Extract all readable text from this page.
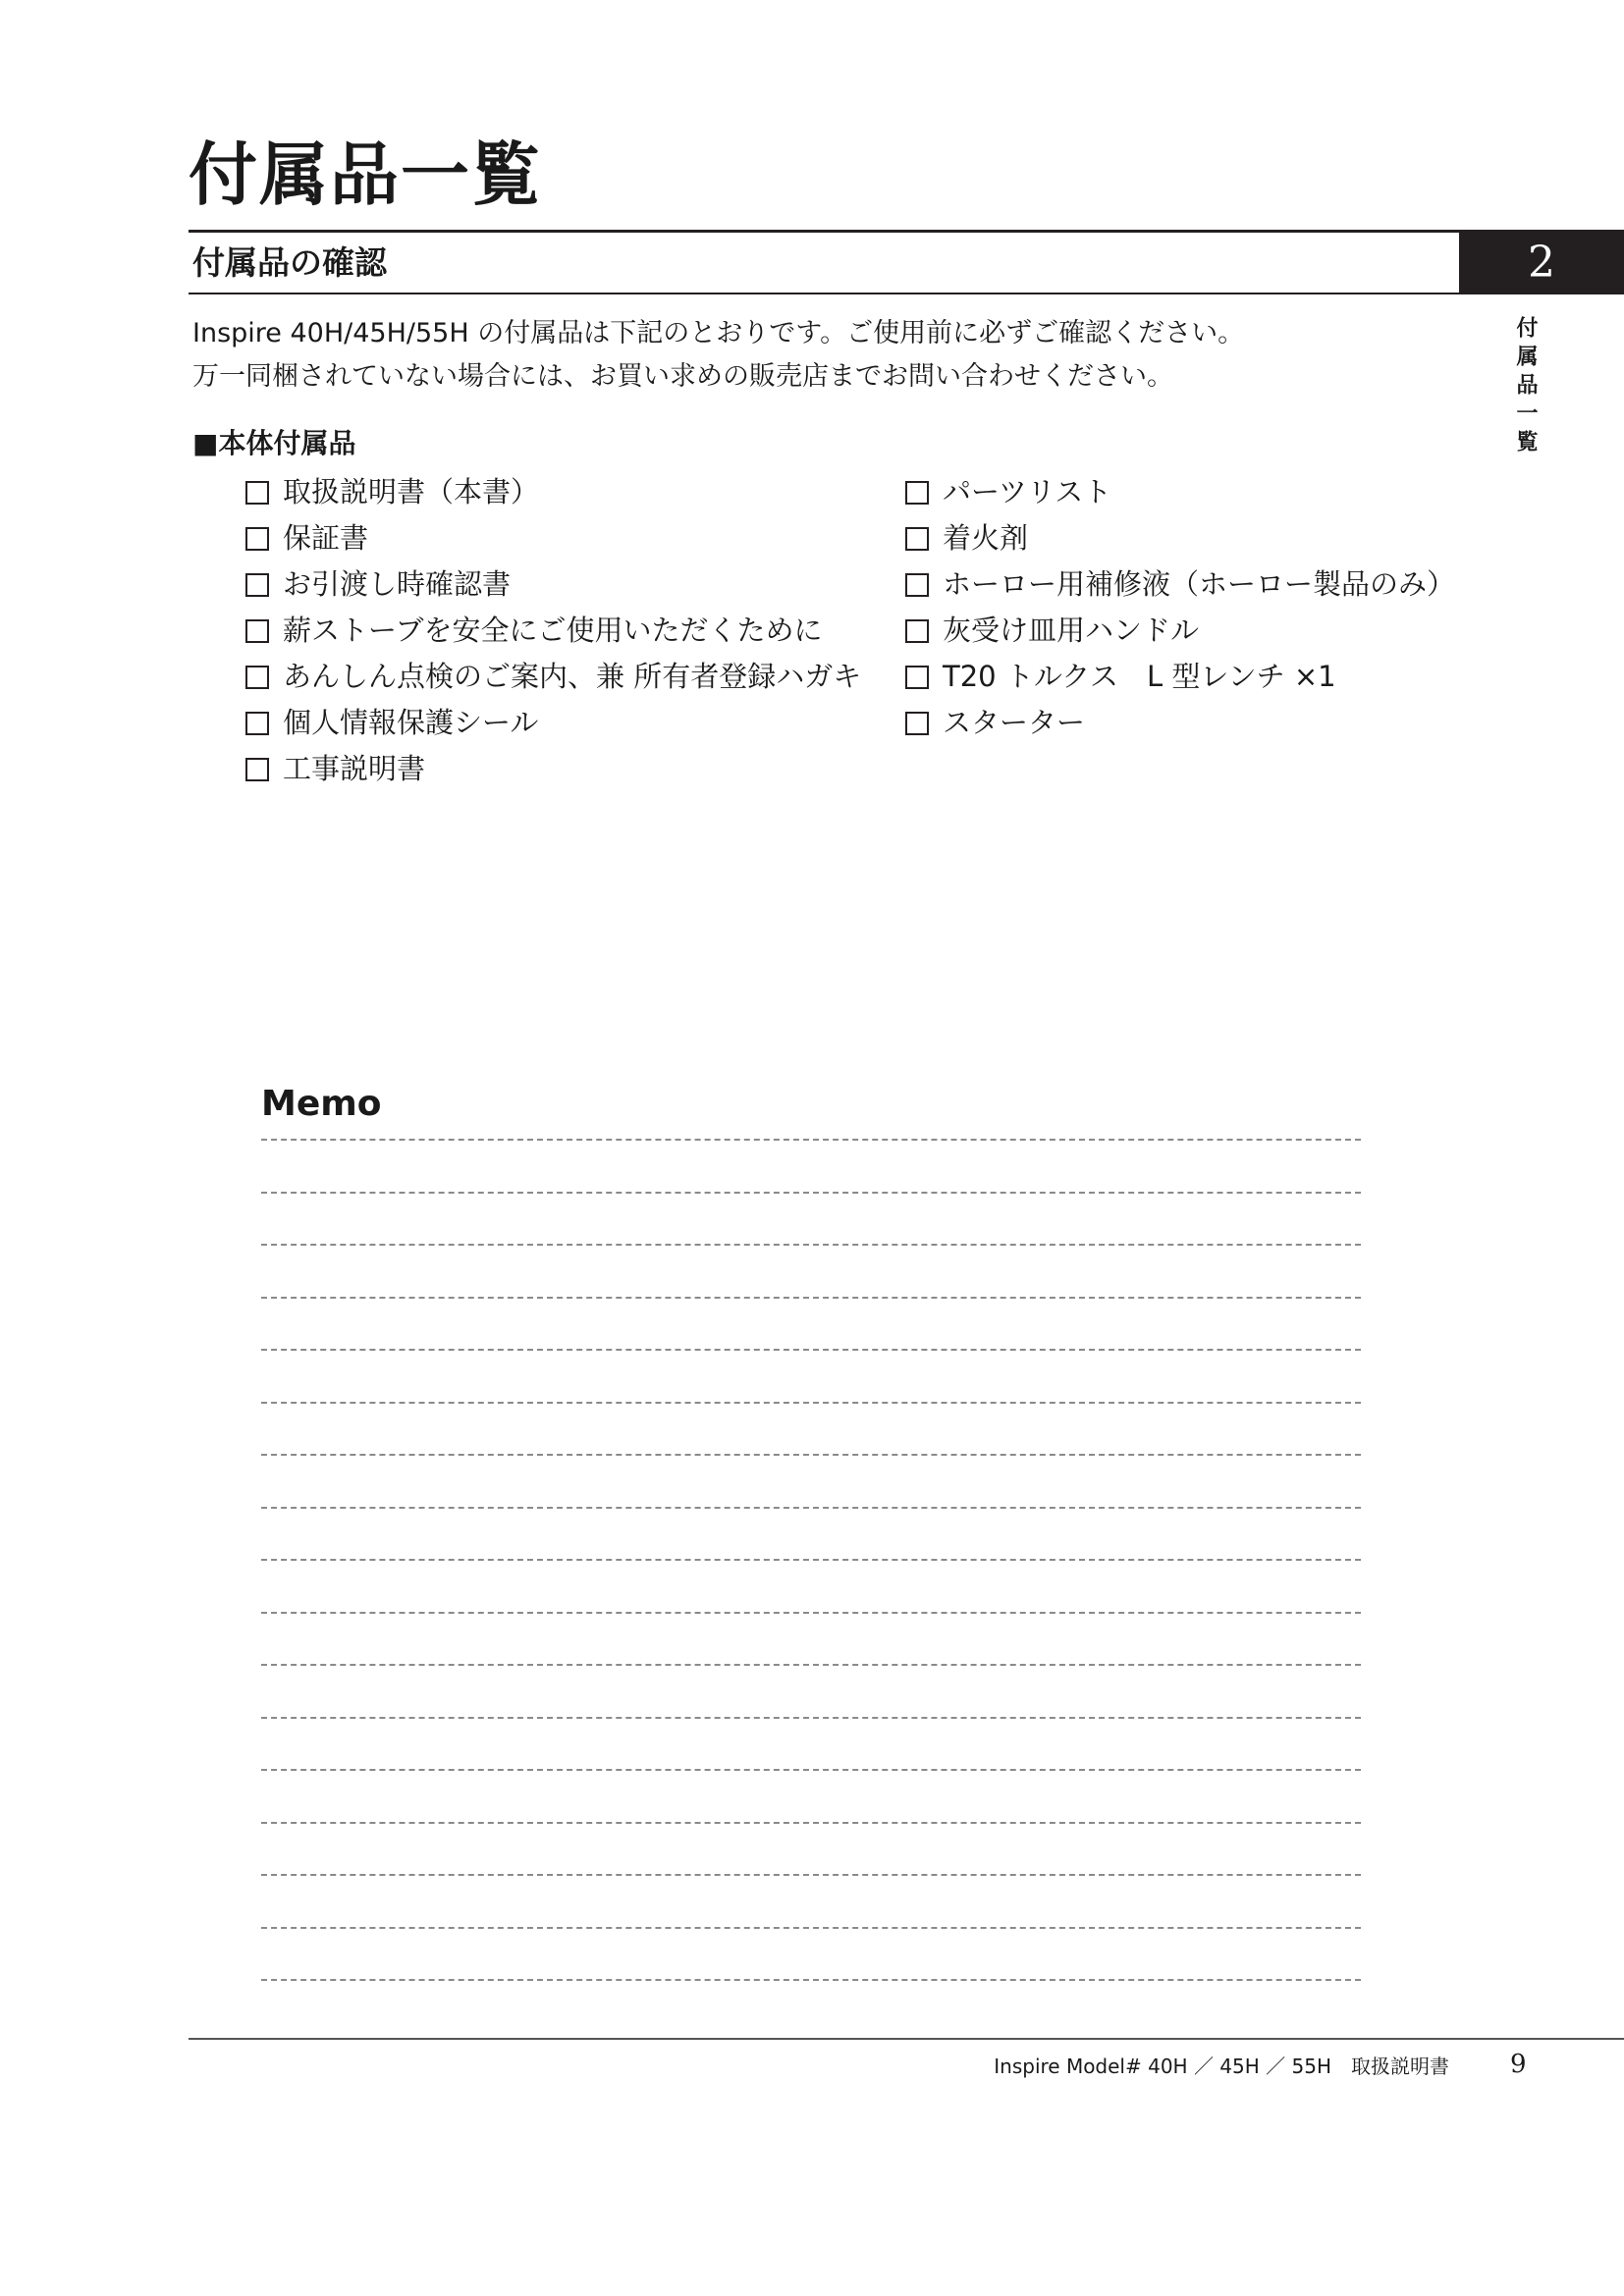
付属品一覧
付属品の確認	2
付属品一覧

Inspire 40H/45H/55H の付属品は下記のとおりです。ご使用前に必ずご確認ください。

万一同梱されていない場合には、お買い求めの販売店までお問い合わせください。

■本体付属品
取扱説明書（本書）
保証書
お引渡し時確認書
薪ストーブを安全にご使用いただくために
あんしん点検のご案内、兼 所有者登録ハガキ
個人情報保護シール
工事説明書
パーツリスト
着火剤
ホーロー用補修液（ホーロー製品のみ）
灰受け皿用ハンドル
T20 トルクス　L 型レンチ ×1
スターター
Memo
Inspire Model# 40H ／ 45H ／ 55H　取扱説明書 9
